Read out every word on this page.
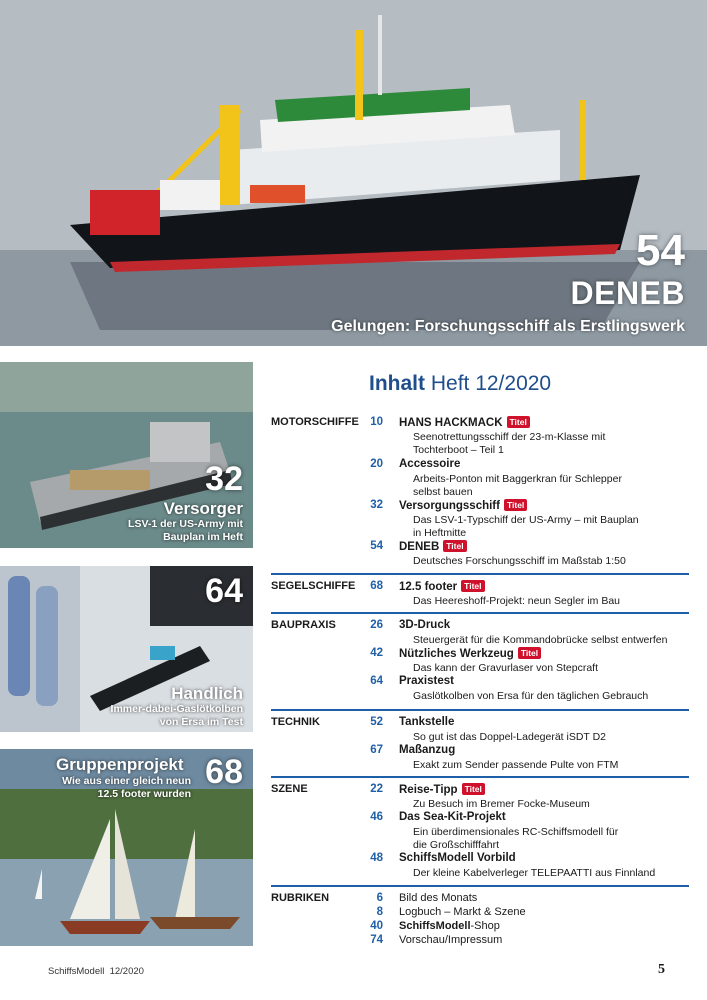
54
DENEB
Gelungen: Forschungsschiff als Erstlingswerk
32
Versorger
LSV-1 der US-Army mit
Bauplan im Heft
64
Handlich
Immer-dabei-Gaslötkolben
von Ersa im Test
Gruppenprojekt
Wie aus einer gleich neun
12.5 footer wurden
68
Inhalt Heft 12/2020
MOTORSCHIFFE 10 HANS HACKMACK Titel
Seenotrettungsschiff der 23-m-Klasse mit
Tochterboot – Teil 1
20 Accessoire
Arbeits-Ponton mit Baggerkran für Schlepper
selbst bauen
32 Versorgungsschiff Titel
Das LSV-1-Typschiff der US-Army – mit Bauplan
in Heftmitte
54 DENEB Titel
Deutsches Forschungsschiff im Maßstab 1:50
SEGELSCHIFFE	68 12.5 footer Titel
Das Heereshoff-Projekt: neun Segler im Bau
BAUPRAXIS	26 3D-Druck
Steuergerät für die Kommandobrücke selbst entwerfen
42 Nützliches Werkzeug Titel
Das kann der Gravurlaser von Stepcraft
64 Praxistest
Gaslötkolben von Ersa für den täglichen Gebrauch
TECHNIK	52 Tankstelle
So gut ist das Doppel-Ladegerät iSDT D2
67 Maßanzug
Exakt zum Sender passende Pulte von FTM
SZENE	22 Reise-Tipp Titel
Zu Besuch im Bremer Focke-Museum
46 Das Sea-Kit-Projekt
Ein überdimensionales RC-Schiffsmodell für
die Großschifffahrt
48 SchiffsModell Vorbild
Der kleine Kabelverleger TELEPAATTI aus Finnland
RUBRIKEN	6 Bild des Monats
8 Logbuch – Markt & Szene
40 SchiffsModell-Shop
74 Vorschau/Impressum
SchiffsModell  12/2020	5
